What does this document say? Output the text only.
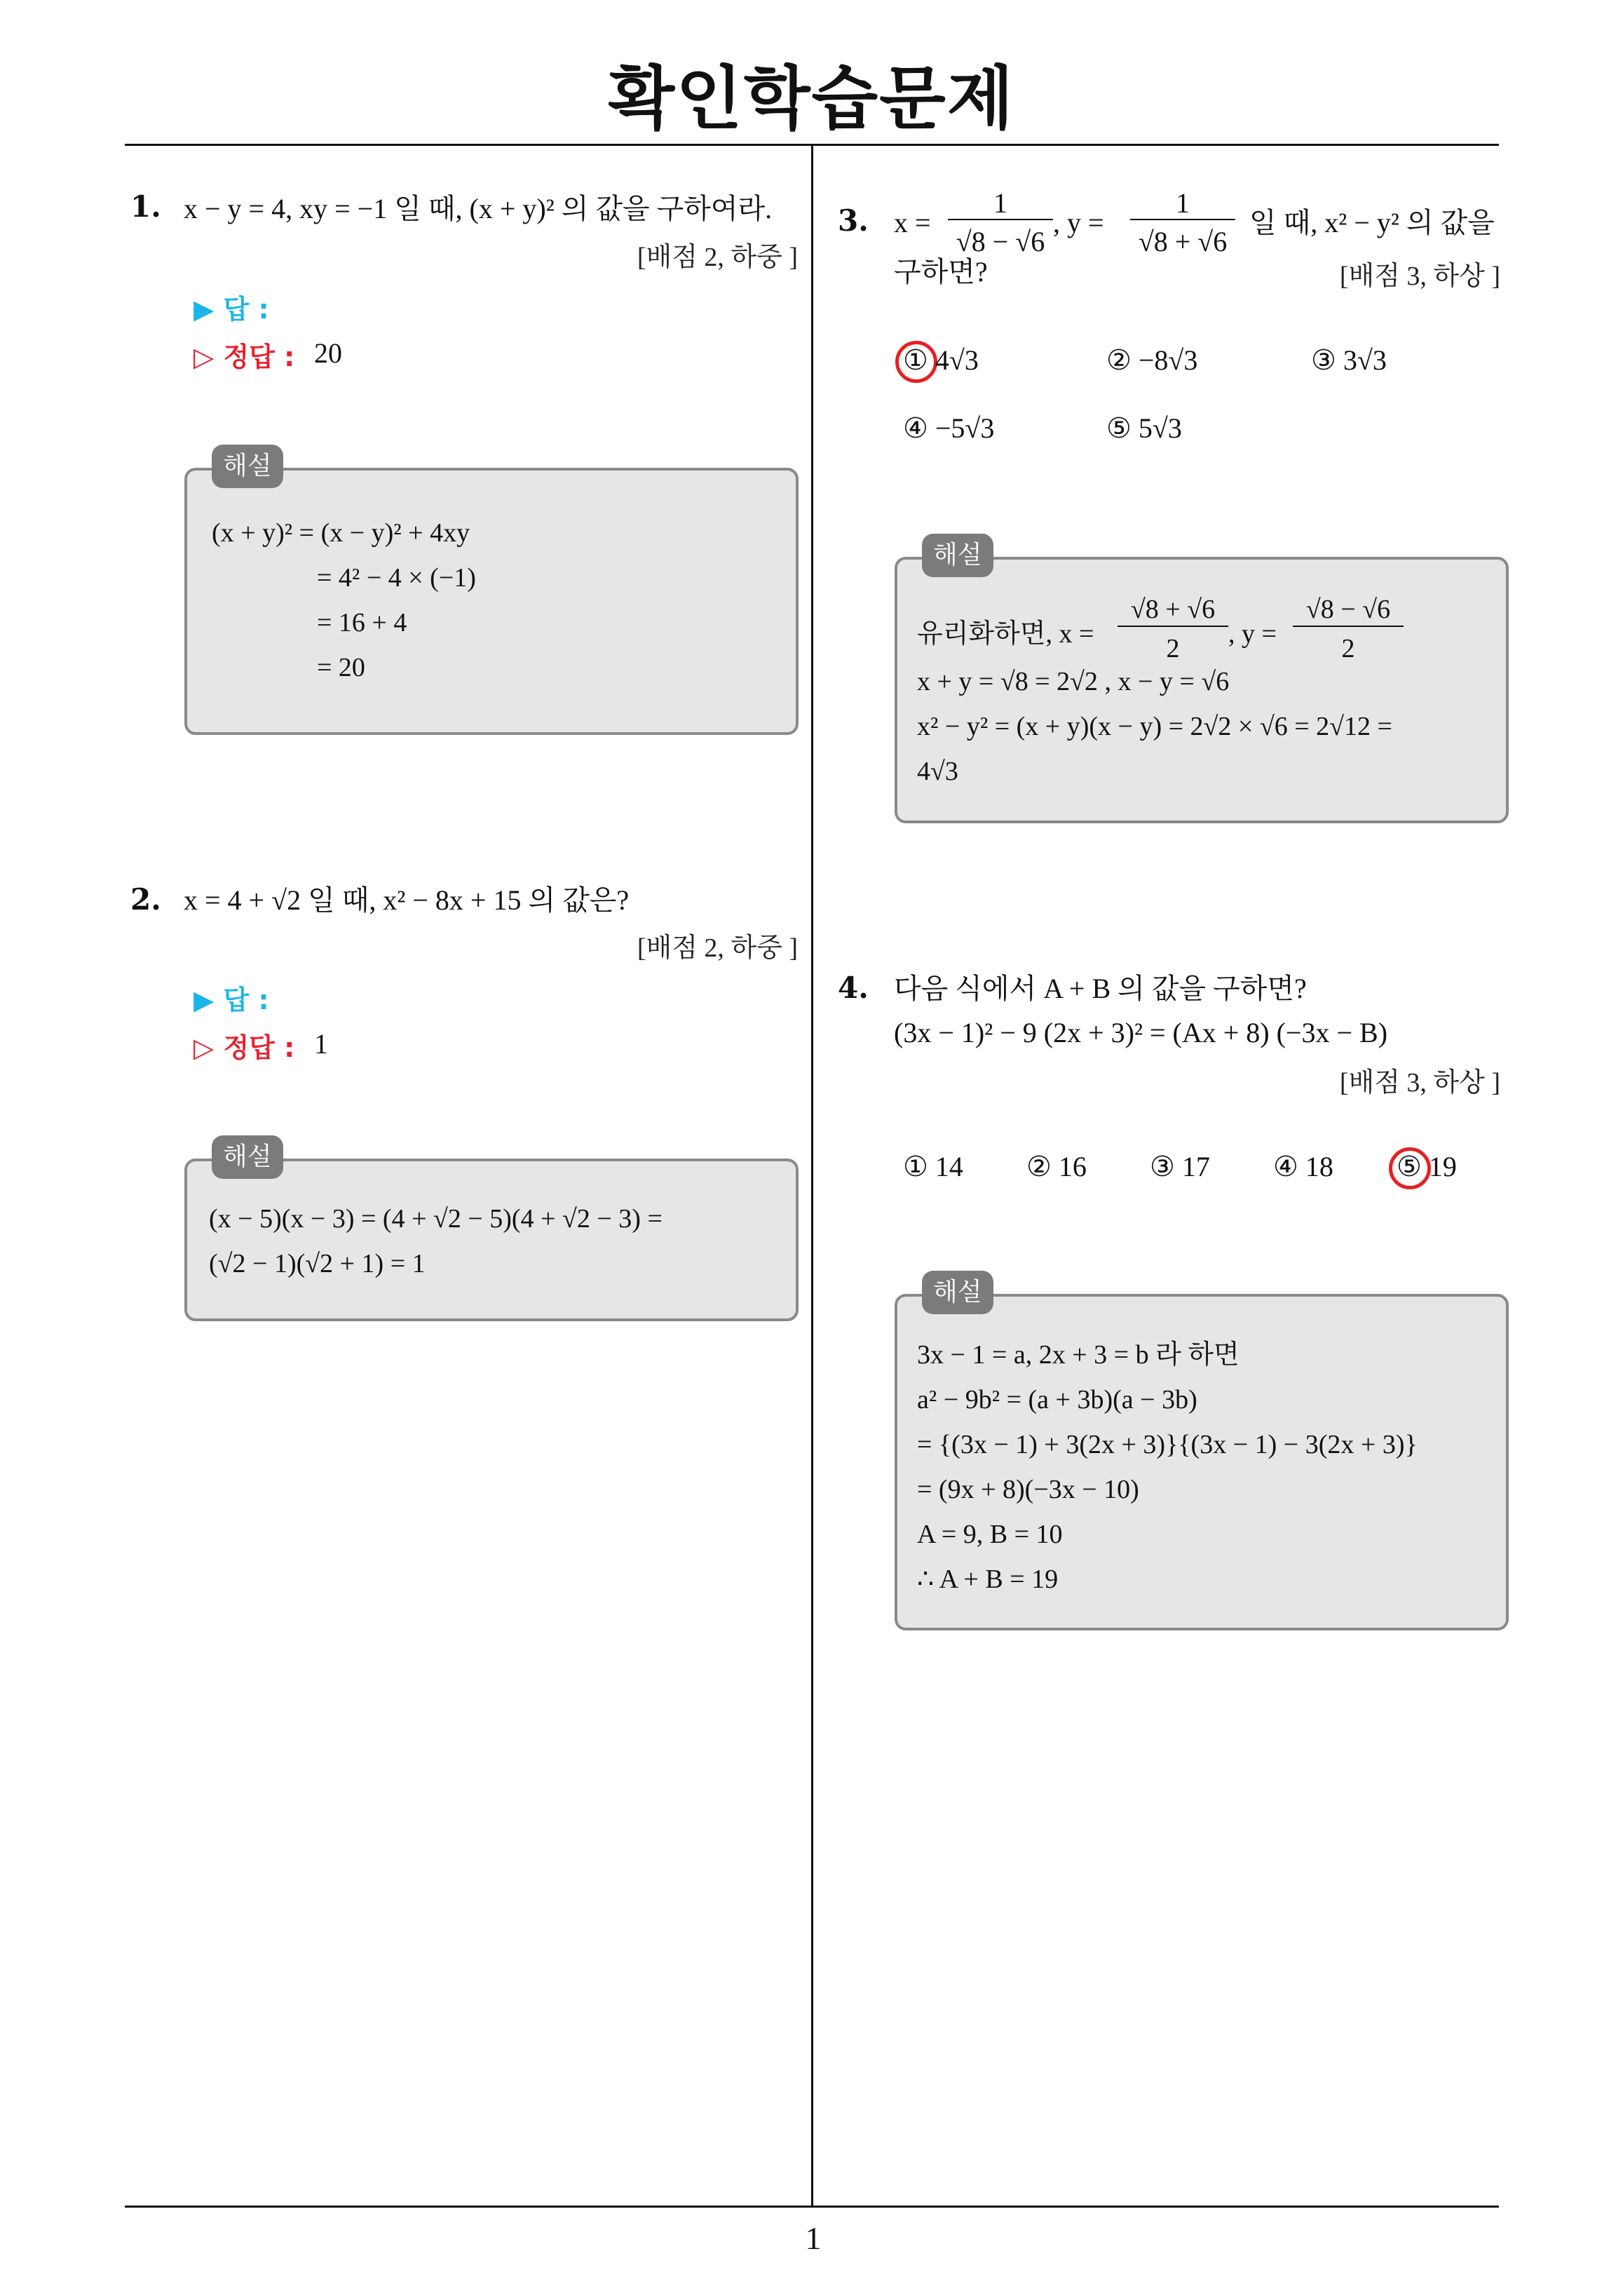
확인학습문제
1
1. x − y = 4, xy = −1 일 때, (x + y)² 의 값을 구하여라.
[배점 2, 하중 ]
▶ 답 :
▷ 정답 : 20
해설
(x + y)² = (x − y)² + 4xy
= 4² − 4 × (−1)
= 16 + 4
= 20
2. x = 4 + √2 일 때, x² − 8x + 15 의 값은?
[배점 2, 하중 ]
▶ 답 :
▷ 정답 : 1
해설
(x − 5)(x − 3) = (4 + √2 − 5)(4 + √2 − 3) =
(√2 − 1)(√2 + 1) = 1
3. x =
1
√8 − √6
, y =
1
√8 + √6
일 때, x² − y² 의 값을
구하면?	[배점 3, 하상 ]
① 4√3	② −8√3	③ 3√3
④ −5√3	⑤ 5√3
해설
유리화하면, x =
√8 + √6
2	, y =
√8 − √6
2
x + y = √8 = 2√2 , x − y = √6
x² − y² = (x + y)(x − y) = 2√2 × √6 = 2√12 =
4√3
4. 다음 식에서 A + B 의 값을 구하면?
(3x − 1)² − 9 (2x + 3)² = (Ax + 8) (−3x − B)
[배점 3, 하상 ]
① 14 ② 16 ③ 17 ④ 18 ⑤ 19
해설
3x − 1 = a, 2x + 3 = b 라 하면
a² − 9b² = (a + 3b)(a − 3b)
= {(3x − 1) + 3(2x + 3)}{(3x − 1) − 3(2x + 3)}
= (9x + 8)(−3x − 10)
A = 9, B = 10
∴ A + B = 19
